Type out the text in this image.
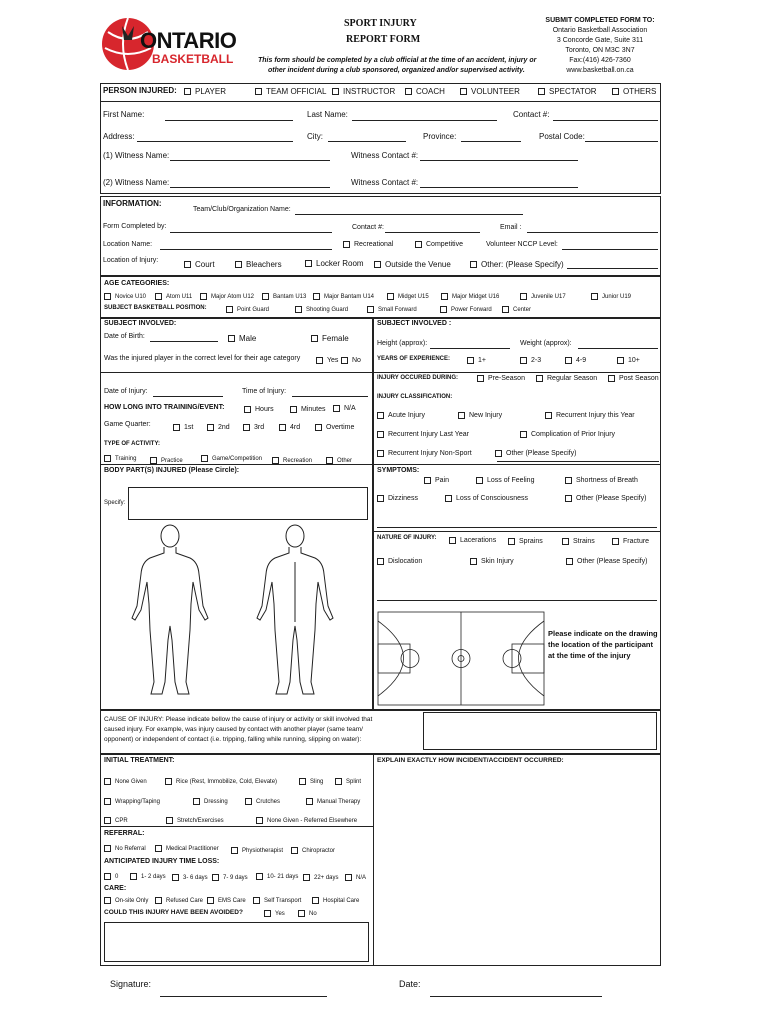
ONTARIO
BASKETBALL
SPORT INJURY
REPORT FORM
This form should be completed by a club official at the time of an accident, injury or
other incident during a club sponsored, organized and/or supervised activity.
SUBMIT COMPLETED FORM TO:
Ontario Basketball Association
3 Concorde Gate, Suite 311
Toronto, ON M3C 3N7
Fax:(416) 426-7360
www.basketball.on.ca
PERSON INJURED: PLAYER	TEAM OFFICIAL INSTRUCTOR	COACH	VOLUNTEER	SPECTATOR	OTHERS
First Name:	Last Name:	Contact #:
Address:	City:	Province:	Postal Code:
(1) Witness Name:	Witness Contact #:
(2) Witness Name:	Witness Contact #:
INFORMATION:
Team/Club/Organization Name:
Form Completed by:	Contact #:	Email :
Location Name:	Recreational	Competitive	Volunteer NCCP Level:
Location of Injury:	Court	Bleachers	Locker Room	Outside the Venue	Other: (Please Specify)
AGE CATEGORIES:
Novice U10	Atom U11	Major Atom U12	Bantam U13	Major Bantam U14	Midget U15	Major Midget U16	Juvenile U17	Junior U19
SUBJECT BASKETBALL POSITION:	Point Guard	Shooting Guard	Small Forward	Power Forward	Center
SUBJECT INVOLVED:
Date of Birth:	Male	Female
Was the injured player in the correct level for their age category	Yes No
Date of Injury:	Time of Injury:
HOW LONG INTO TRAINING/EVENT:	Hours	Minutes	N/A
Game Quarter:	1st	2nd	3rd	4rd	Overtime
TYPE OF ACTIVITY:
Training	Practice	Game/Competition	Recreation	Other
BODY PART(S) INJURED (Please Circle):
Specify:
SUBJECT INVOLVED :
Height (approx):	Weight (approx):
YEARS OF EXPERIENCE:	1+	2-3	4-9	10+
INJURY OCCURED DURING:	Pre-Season	Regular Season	Post Season
INJURY CLASSIFICATION:
Acute Injury	New Injury	Recurrent Injury this Year
Recurrent Injury Last Year	Complication of Prior Injury
Recurrent Injury Non-Sport	Other (Please Specify)
SYMPTOMS:
Pain	Loss of Feeling	Shortness of Breath
Dizziness	Loss of Consciousness	Other (Please Specify)
NATURE OF INJURY:	Lacerations	Sprains	Strains	Fracture
Dislocation	Skin Injury	Other (Please Specify)
Please indicate on the drawing
the location of the participant
at the time of the injury
CAUSE OF INJURY: Please indicate bellow the cause of injury or activity or skill involved that
caused injury. For example, was injury caused by contact with another player (same team/
opponent) or independent of contact (i.e. tripping, falling while running, slipping on water):
INITIAL TREATMENT:	EXPLAIN EXACTLY HOW INCIDENT/ACCIDENT OCCURRED:
None Given	Rice (Rest, Immobilize, Cold, Elevate)	Sling	Splint
Wrapping/Taping	Dressing	Crutches	Manual Therapy
CPR	Stretch/Exercises	None Given - Referred Elsewhere
REFERRAL:
No Referral	Medical Practitioner	Physiotherapist	Chiropractor
ANTICIPATED INJURY TIME LOSS:
0	1- 2 days	3- 6 days	7- 9 days	10- 21 days	22+ days	N/A
CARE:
On-site Only	Refused Care EMS Care	Self Transport	Hospital Care
COULD THIS INJURY HAVE BEEN AVOIDED?	Yes	No
Signature:	Date:
